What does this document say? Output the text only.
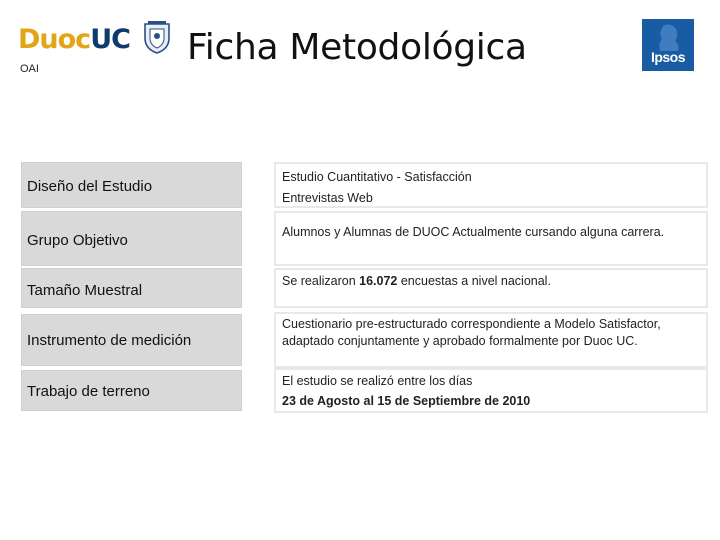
DuocUC
OAI
Ficha Metodológica	Ipsos
Diseño del Estudio
Estudio Cuantitativo - Satisfacción
Entrevistas Web
Grupo Objetivo	Alumnos y Alumnas de DUOC Actualmente cursando alguna carrera.
Tamaño Muestral
Se realizaron 16.072 encuestas a nivel nacional.
Instrumento de medición
Cuestionario pre-estructurado correspondiente a Modelo Satisfactor, adaptado conjuntamente y aprobado formalmente por Duoc UC.
Trabajo de terreno
El estudio se realizó entre los días
23 de Agosto al 15 de Septiembre de 2010
